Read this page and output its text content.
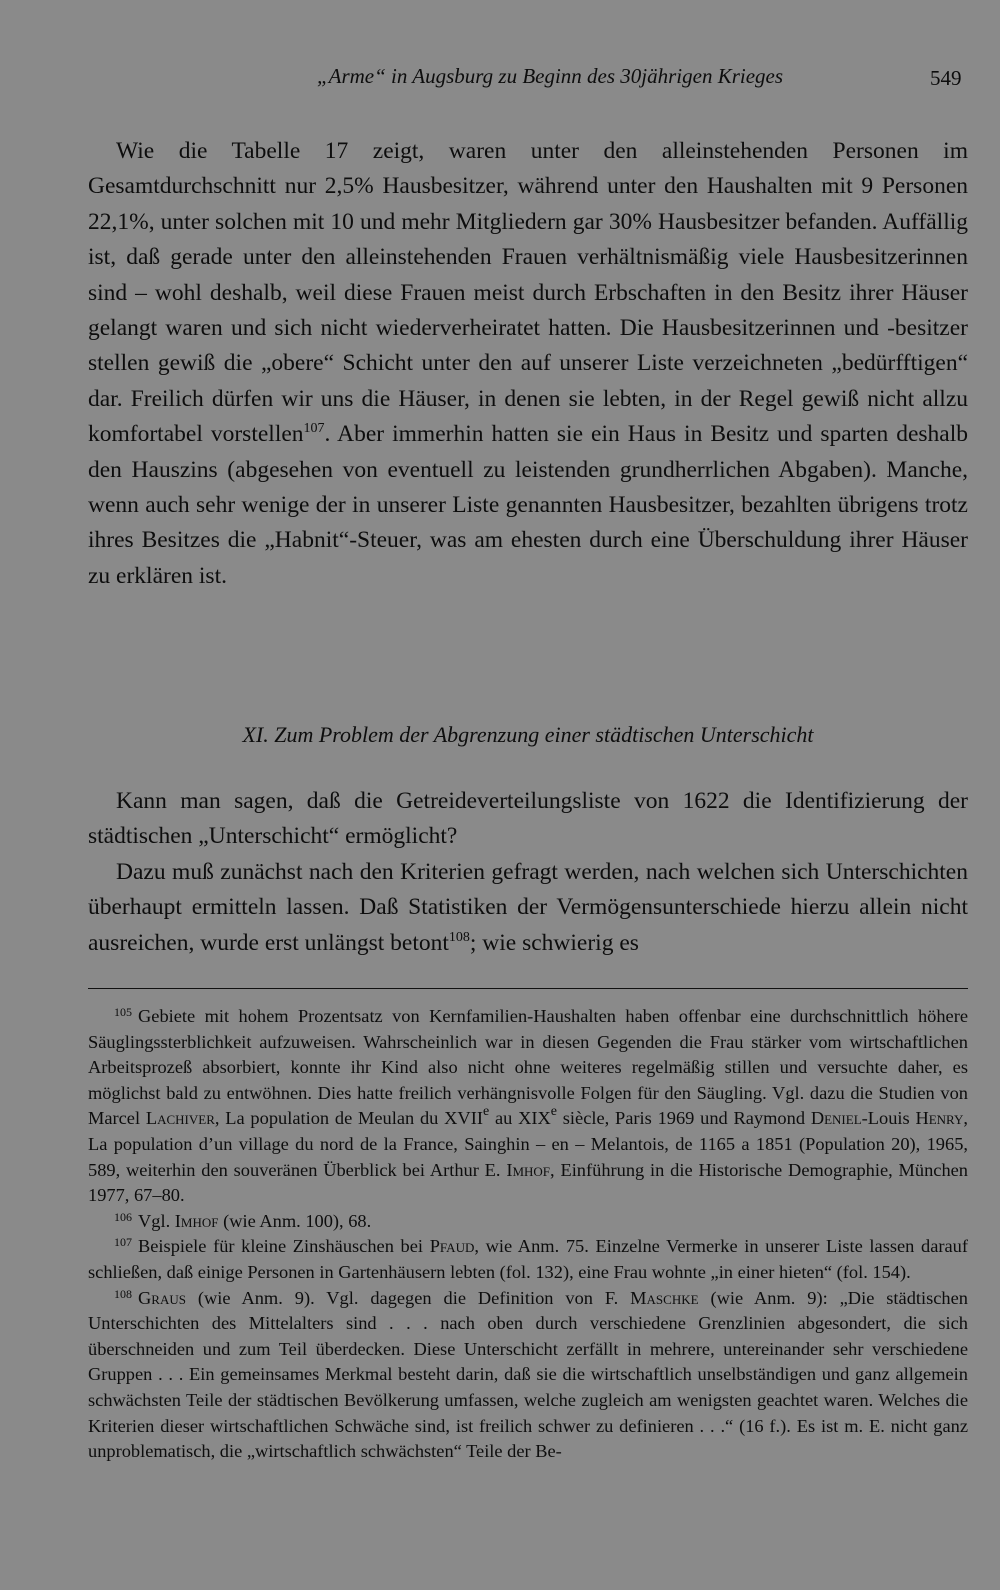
„Arme“ in Augsburg zu Beginn des 30jährigen Krieges	549

Wie die Tabelle 17 zeigt, waren unter den alleinstehenden Personen im Gesamtdurchschnitt nur 2,5% Hausbesitzer, während unter den Haushalten mit 9 Personen 22,1%, unter solchen mit 10 und mehr Mitgliedern gar 30% Hausbesitzer befanden. Auffällig ist, daß gerade unter den alleinstehenden Frauen verhältnismäßig viele Hausbesitzerinnen sind – wohl deshalb, weil diese Frauen meist durch Erbschaften in den Besitz ihrer Häuser gelangt waren und sich nicht wiederverheiratet hatten. Die Hausbesitzerinnen und -besitzer stellen gewiß die „obere“ Schicht unter den auf unserer Liste verzeichneten „bedürfftigen“ dar. Freilich dürfen wir uns die Häuser, in denen sie lebten, in der Regel gewiß nicht allzu komfortabel vorstellen$^{107}$. Aber immerhin hatten sie ein Haus in Besitz und sparten deshalb den Hauszins (abgesehen von eventuell zu leistenden grundherrlichen Abgaben). Manche, wenn auch sehr wenige der in unserer Liste genannten Hausbesitzer, bezahlten übrigens trotz ihres Besitzes die „Habnit“-Steuer, was am ehesten durch eine Überschuldung ihrer Häuser zu erklären ist.

XI. Zum Problem der Abgrenzung einer städtischen Unterschicht

Kann man sagen, daß die Getreideverteilungsliste von 1622 die Identifizierung der städtischen „Unterschicht“ ermöglicht?

Dazu muß zunächst nach den Kriterien gefragt werden, nach welchen sich Unterschichten überhaupt ermitteln lassen. Daß Statistiken der Vermögensunterschiede hierzu allein nicht ausreichen, wurde erst unlängst betont$^{108}$; wie schwierig es

$^{105}$ Gebiete mit hohem Prozentsatz von Kernfamilien-Haushalten haben offenbar eine durchschnittlich höhere Säuglingssterblichkeit aufzuweisen. Wahrscheinlich war in diesen Gegenden die Frau stärker vom wirtschaftlichen Arbeitsprozeß absorbiert, konnte ihr Kind also nicht ohne weiteres regelmäßig stillen und versuchte daher, es möglichst bald zu entwöhnen. Dies hatte freilich verhängnisvolle Folgen für den Säugling. Vgl. dazu die Studien von Marcel Lachiver, La population de Meulan du XVIIe au XIXe siècle, Paris 1969 und Raymond Deniel-Louis Henry, La population d’un village du nord de la France, Sainghin – en – Melantois, de 1165 a 1851 (Population 20), 1965, 589, weiterhin den souveränen Überblick bei Arthur E. Imhof, Einführung in die Historische Demographie, München 1977, 67–80.

$^{106}$ Vgl. Imhof (wie Anm. 100), 68.

$^{107}$ Beispiele für kleine Zinshäuschen bei Pfaud, wie Anm. 75. Einzelne Vermerke in unserer Liste lassen darauf schließen, daß einige Personen in Gartenhäusern lebten (fol. 132), eine Frau wohnte „in einer hieten“ (fol. 154).

$^{108}$ Graus (wie Anm. 9). Vgl. dagegen die Definition von F. Maschke (wie Anm. 9): „Die städtischen Unterschichten des Mittelalters sind . . . nach oben durch verschiedene Grenzlinien abgesondert, die sich überschneiden und zum Teil überdecken. Diese Unterschicht zerfällt in mehrere, untereinander sehr verschiedene Gruppen . . . Ein gemeinsames Merkmal besteht darin, daß sie die wirtschaftlich unselbständigen und ganz allgemein schwächsten Teile der städtischen Bevölkerung umfassen, welche zugleich am wenigsten geachtet waren. Welches die Kriterien dieser wirtschaftlichen Schwäche sind, ist freilich schwer zu definieren . . .“ (16 f.). Es ist m. E. nicht ganz unproblematisch, die „wirtschaftlich schwächsten“ Teile der Be-
